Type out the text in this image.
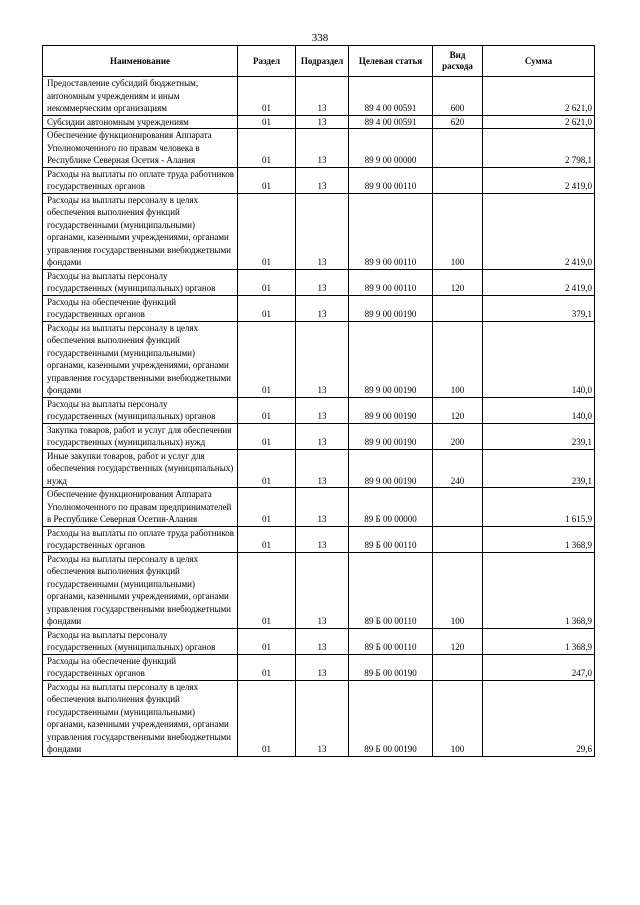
338
Наименование	Раздел	Подраздел	Целевая статья	Вид расхода	Сумма
Предоставление субсидий бюджетным, автономным учреждениям и иным некоммерческим организациям	01	13	89 4 00 00591	600	2 621,0
Субсидии автономным учреждениям	01	13	89 4 00 00591	620	2 621,0
Обеспечение функционирования Аппарата Уполномоченного по правам человека в Республике Северная Осетия - Алания	01	13	89 9 00 00000		2 798,1
Расходы на выплаты по оплате труда работников государственных органов	01	13	89 9 00 00110		2 419,0
Расходы на выплаты персоналу в целях обеспечения выполнения функций государственными (муниципальными) органами, казенными учреждениями, органами управления государственными внебюджетными фондами	01	13	89 9 00 00110	100	2 419,0
Расходы на выплаты персоналу государственных (муниципальных) органов	01	13	89 9 00 00110	120	2 419,0
Расходы на обеспечение функций государственных органов	01	13	89 9 00 00190		379,1
Расходы на выплаты персоналу в целях обеспечения выполнения функций государственными (муниципальными) органами, казенными учреждениями, органами управления государственными внебюджетными фондами	01	13	89 9 00 00190	100	140,0
Расходы на выплаты персоналу государственных (муниципальных) органов	01	13	89 9 00 00190	120	140,0
Закупка товаров, работ и услуг для обеспечения государственных (муниципальных) нужд	01	13	89 9 00 00190	200	239,1
Иные закупки товаров, работ и услуг для обеспечения государственных (муниципальных) нужд	01	13	89 9 00 00190	240	239,1
Обеспечение функционирования Аппарата Уполномоченного по правам предпринимателей в Республике Северная Осетия-Алания	01	13	89 Б 00 00000		1 615,9
Расходы на выплаты по оплате труда работников государственных органов	01	13	89 Б 00 00110		1 368,9
Расходы на выплаты персоналу в целях обеспечения выполнения функций государственными (муниципальными) органами, казенными учреждениями, органами управления государственными внебюджетными фондами	01	13	89 Б 00 00110	100	1 368,9
Расходы на выплаты персоналу государственных (муниципальных) органов	01	13	89 Б 00 00110	120	1 368,9
Расходы на обеспечение функций государственных органов	01	13	89 Б 00 00190		247,0
Расходы на выплаты персоналу в целях обеспечения выполнения функций государственными (муниципальными) органами, казенными учреждениями, органами управления государственными внебюджетными фондами	01	13	89 Б 00 00190	100	29,6
